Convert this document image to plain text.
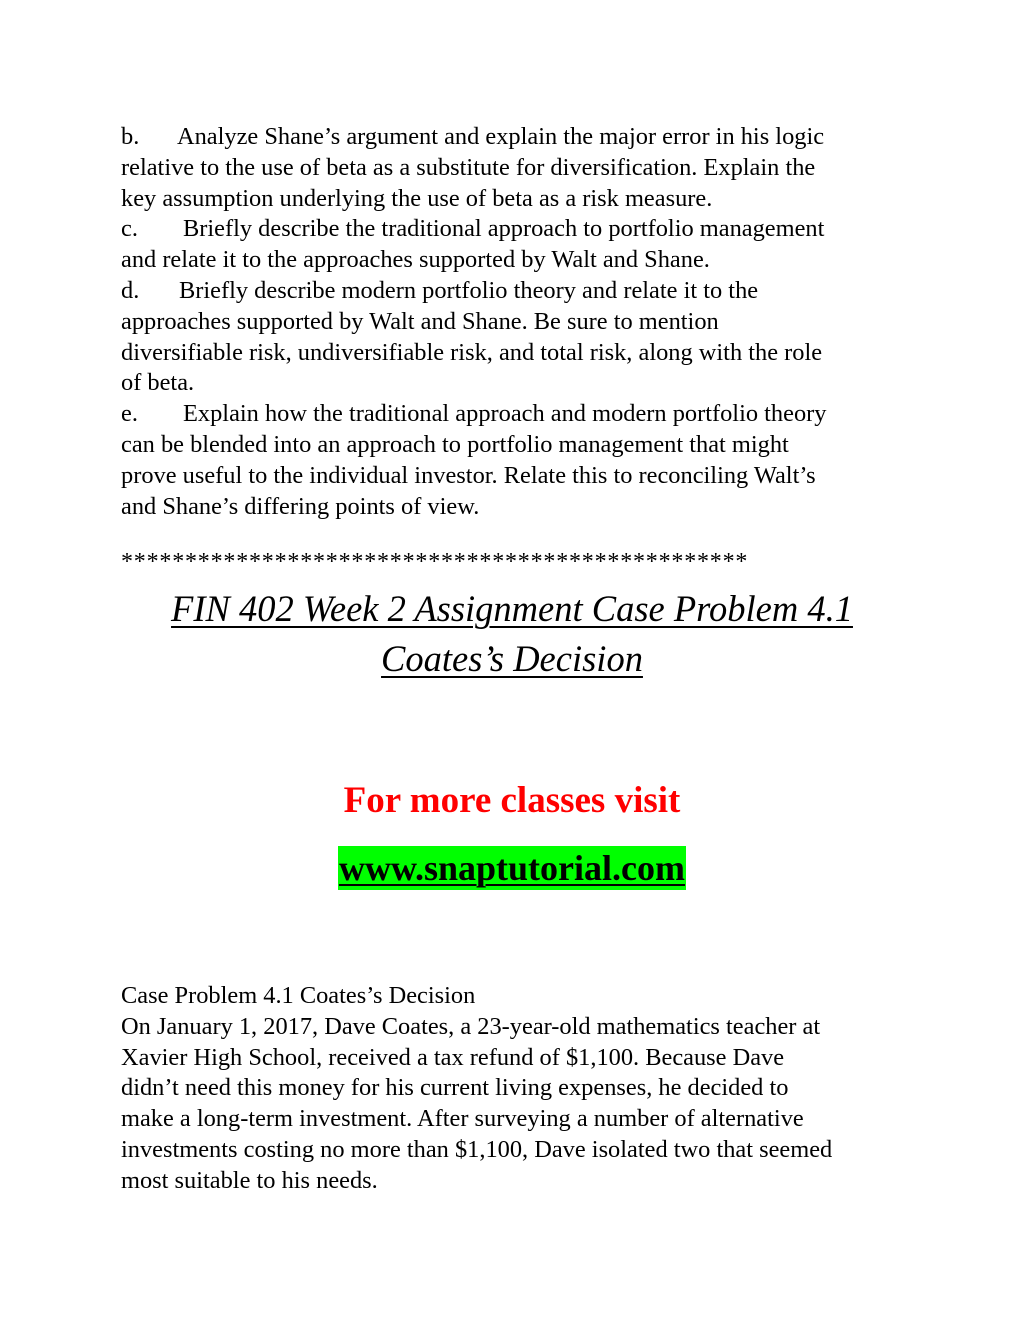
b. Analyze Shane’s argument and explain the major error in his logic
relative to the use of beta as a substitute for diversification. Explain the
key assumption underlying the use of beta as a risk measure.
c. Briefly describe the traditional approach to portfolio management
and relate it to the approaches supported by Walt and Shane.
d. Briefly describe modern portfolio theory and relate it to the
approaches supported by Walt and Shane. Be sure to mention
diversifiable risk, undiversifiable risk, and total risk, along with the role
of beta.
e. Explain how the traditional approach and modern portfolio theory
can be blended into an approach to portfolio management that might
prove useful to the individual investor. Relate this to reconciling Walt’s
and Shane’s differing points of view.
*************************************************
FIN 402 Week 2 Assignment Case Problem 4.1
Coates’s Decision
For more classes visit
www.snaptutorial.com
Case Problem 4.1 Coates’s Decision
On January 1, 2017, Dave Coates, a 23-year-old mathematics teacher at
Xavier High School, received a tax refund of $1,100. Because Dave
didn’t need this money for his current living expenses, he decided to
make a long-term investment. After surveying a number of alternative
investments costing no more than $1,100, Dave isolated two that seemed
most suitable to his needs.
